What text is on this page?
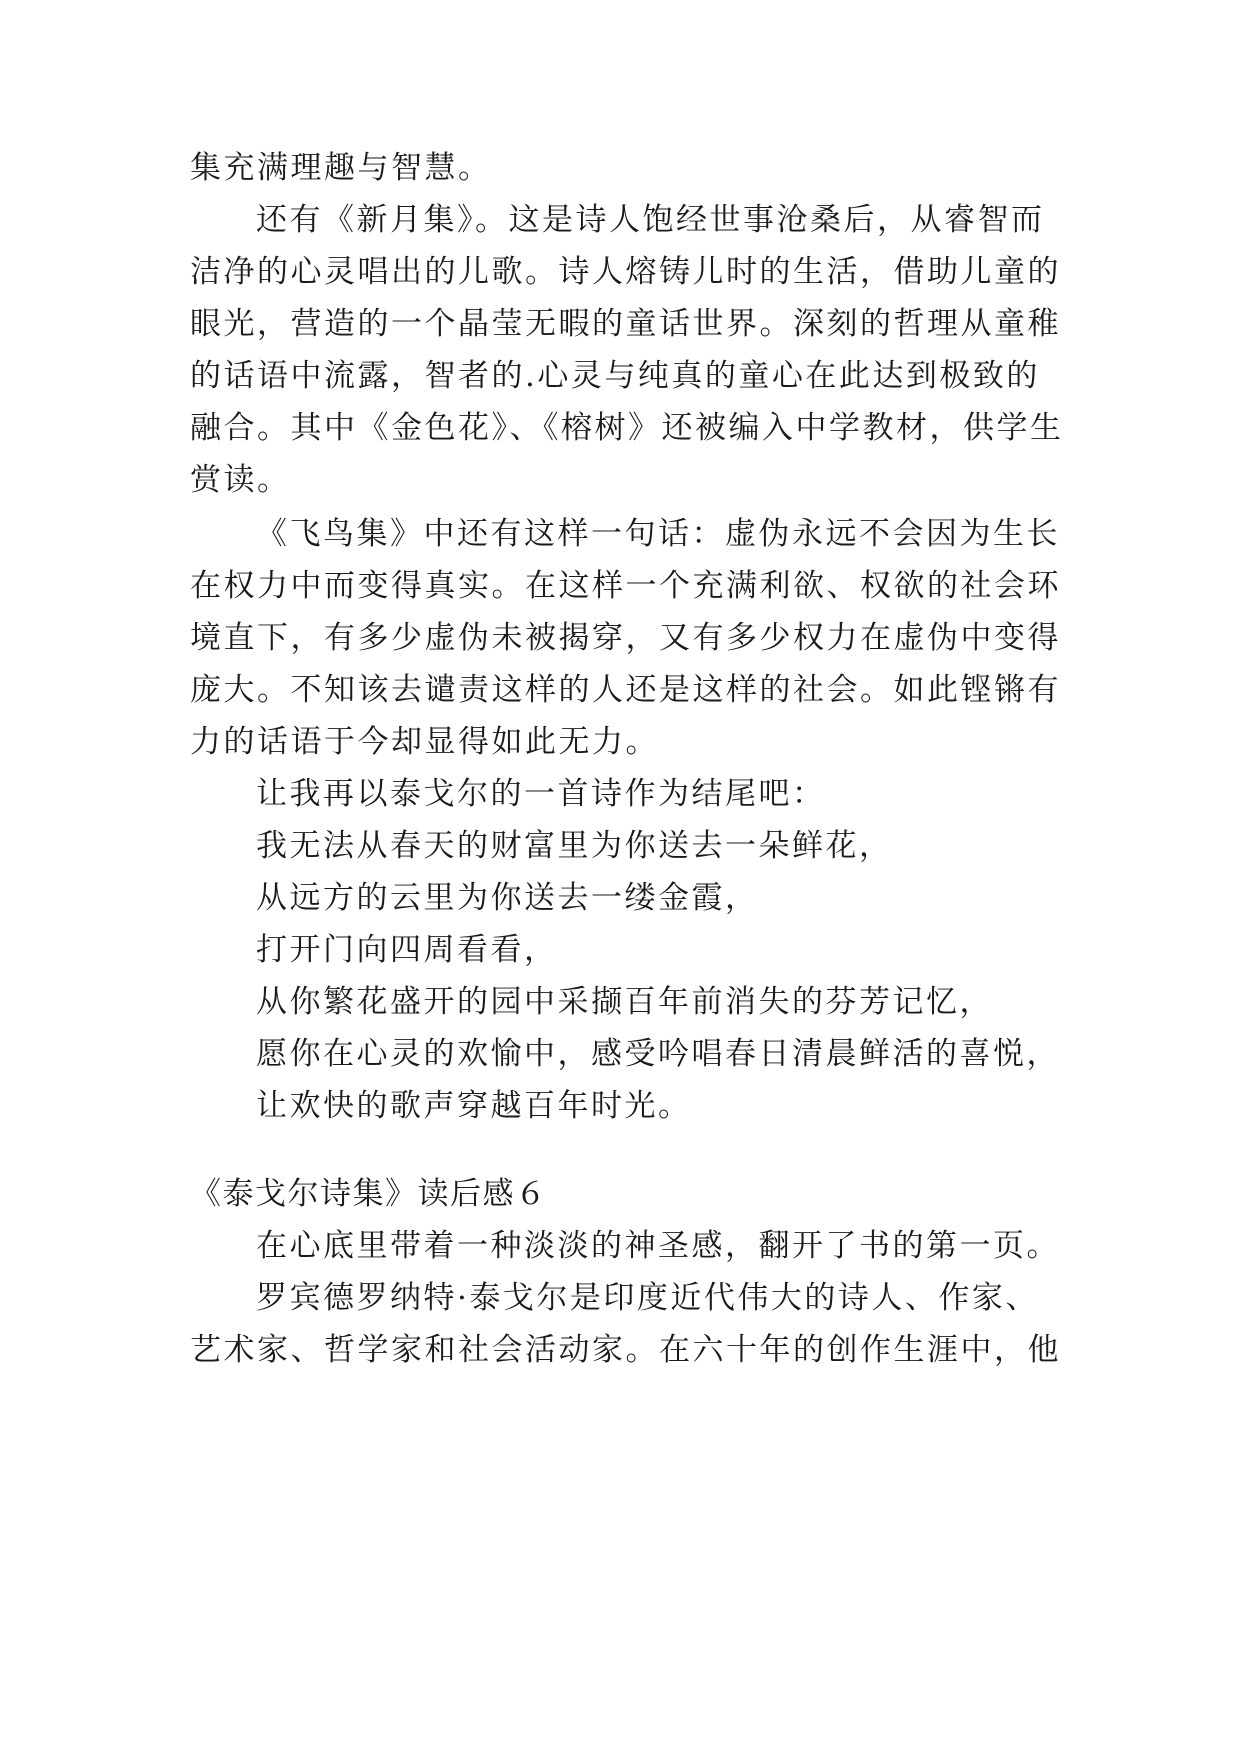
集充满理趣与智慧。
还有《新月集》。这是诗人饱经世事沧桑后，从睿智而
洁净的心灵唱出的儿歌。诗人熔铸儿时的生活，借助儿童的
眼光，营造的一个晶莹无暇的童话世界。深刻的哲理从童稚
的话语中流露，智者的.心灵与纯真的童心在此达到极致的
融合。其中《金色花》、《榕树》还被编入中学教材，供学生
赏读。
《飞鸟集》中还有这样一句话：虚伪永远不会因为生长
在权力中而变得真实。在这样一个充满利欲、权欲的社会环
境直下，有多少虚伪未被揭穿，又有多少权力在虚伪中变得
庞大。不知该去谴责这样的人还是这样的社会。如此铿锵有
力的话语于今却显得如此无力。
让我再以泰戈尔的一首诗作为结尾吧：
我无法从春天的财富里为你送去一朵鲜花，
从远方的云里为你送去一缕金霞，
打开门向四周看看，
从你繁花盛开的园中采撷百年前消失的芬芳记忆，
愿你在心灵的欢愉中，感受吟唱春日清晨鲜活的喜悦，
让欢快的歌声穿越百年时光。
《泰戈尔诗集》读后感６
在心底里带着一种淡淡的神圣感，翻开了书的第一页。
罗宾德罗纳特·泰戈尔是印度近代伟大的诗人、作家、
艺术家、哲学家和社会活动家。在六十年的创作生涯中，他
